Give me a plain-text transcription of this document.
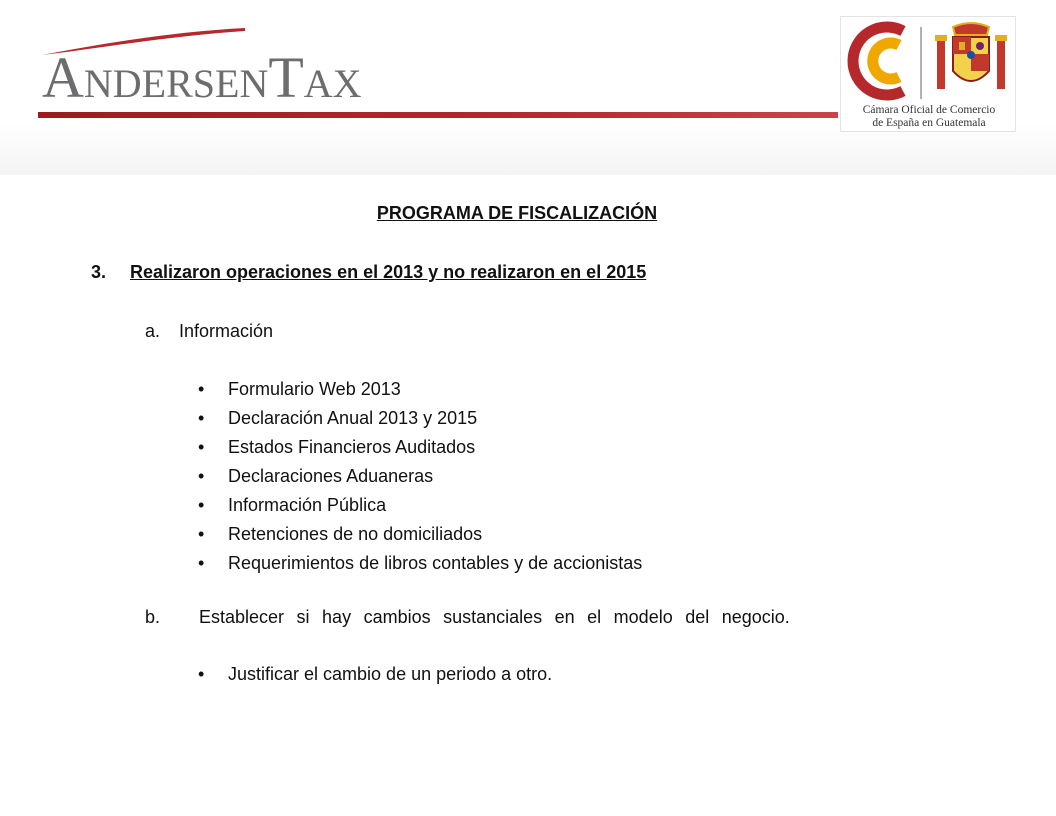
ANDERSENTAX
Cámara Oficial de Comercio
de España en Guatemala
PROGRAMA DE FISCALIZACIÓN
3. Realizaron operaciones en el 2013 y no realizaron en el 2015
a. Información
• Formulario Web 2013
• Declaración Anual 2013 y 2015
• Estados Financieros Auditados
• Declaraciones Aduaneras
• Información Pública
• Retenciones de no domiciliados
• Requerimientos de libros contables y de accionistas
b.	Establecer si hay cambios sustanciales en el modelo del negocio.
• Justificar el cambio de un periodo a otro.
